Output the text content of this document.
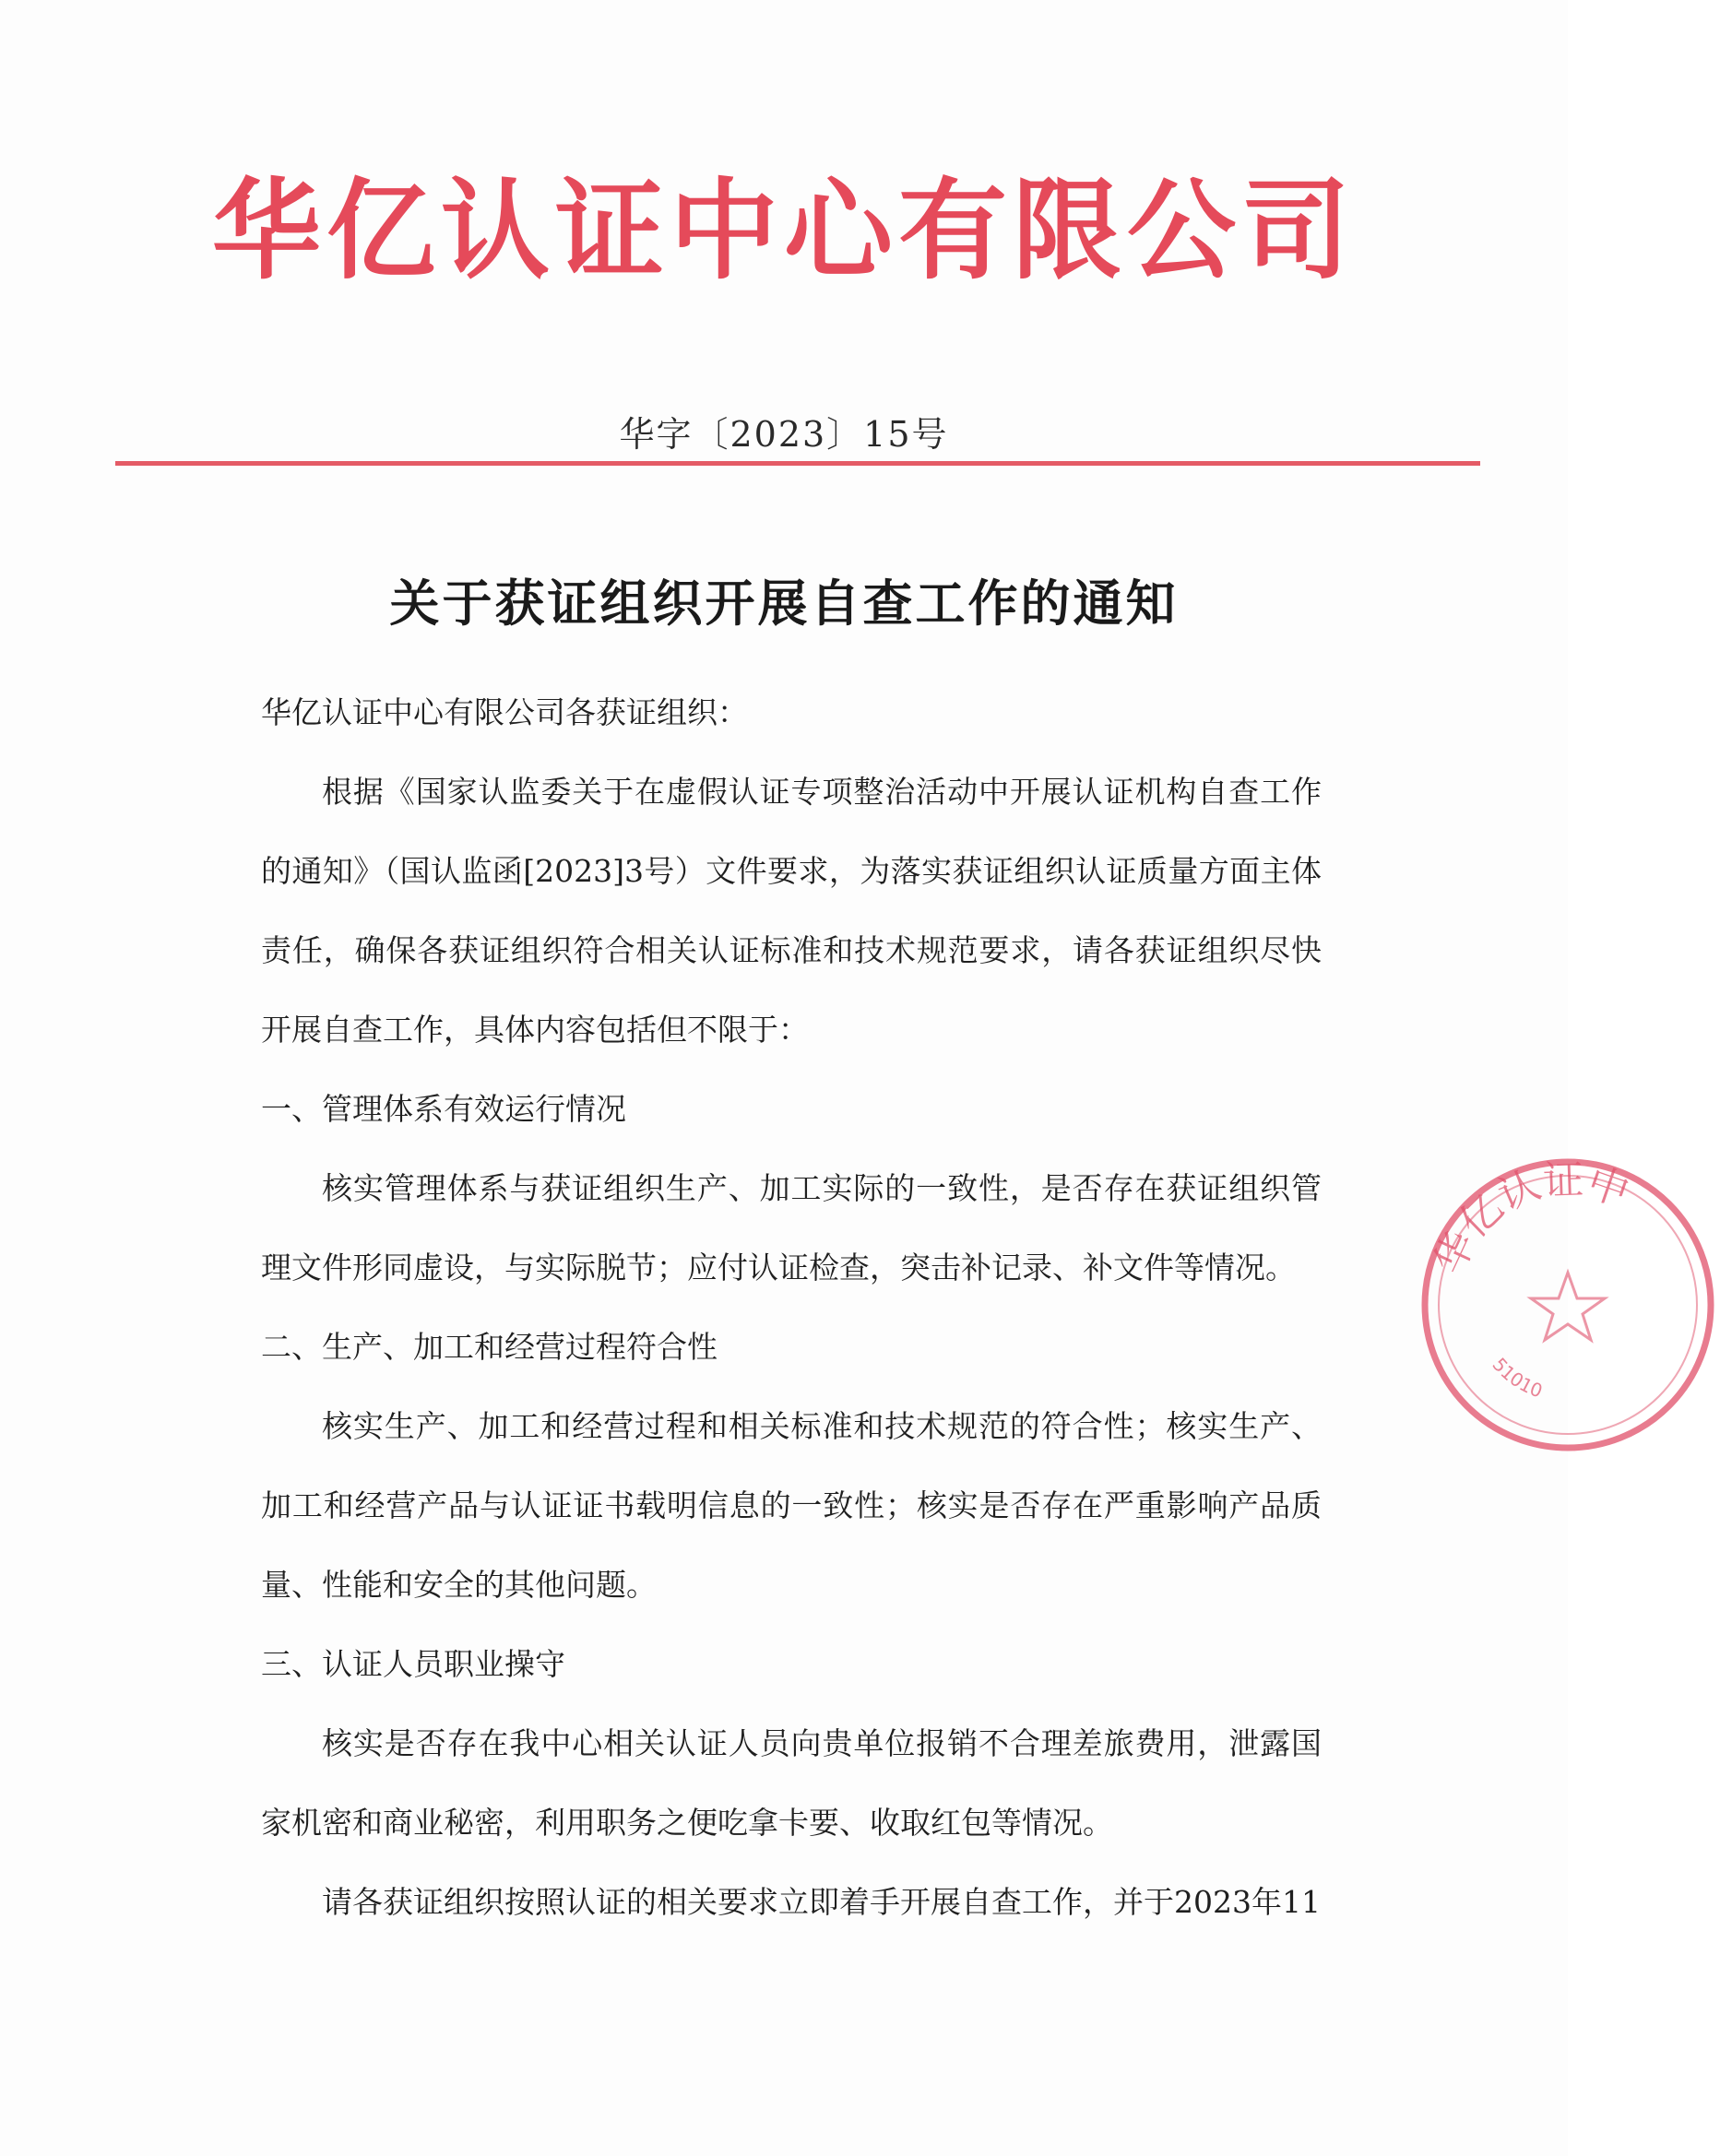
华亿认证中心有限公司
华字〔2023〕15号
关于获证组织开展自查工作的通知

华亿认证中心有限公司各获证组织：

根据《国家认监委关于在虚假认证专项整治活动中开展认证机构自查工作的通知》（国认监函[2023]3号）文件要求，为落实获证组织认证质量方面主体责任，确保各获证组织符合相关认证标准和技术规范要求，请各获证组织尽快开展自查工作，具体内容包括但不限于：

一、管理体系有效运行情况

核实管理体系与获证组织生产、加工实际的一致性，是否存在获证组织管理文件形同虚设，与实际脱节；应付认证检查，突击补记录、补文件等情况。

二、生产、加工和经营过程符合性

核实生产、加工和经营过程和相关标准和技术规范的符合性；核实生产、加工和经营产品与认证证书载明信息的一致性；核实是否存在严重影响产品质量、性能和安全的其他问题。

三、认证人员职业操守

核实是否存在我中心相关认证人员向贵单位报销不合理差旅费用，泄露国家机密和商业秘密，利用职务之便吃拿卡要、收取红包等情况。

请各获证组织按照认证的相关要求立即着手开展自查工作，并于2023年11

华亿认证中
51010
